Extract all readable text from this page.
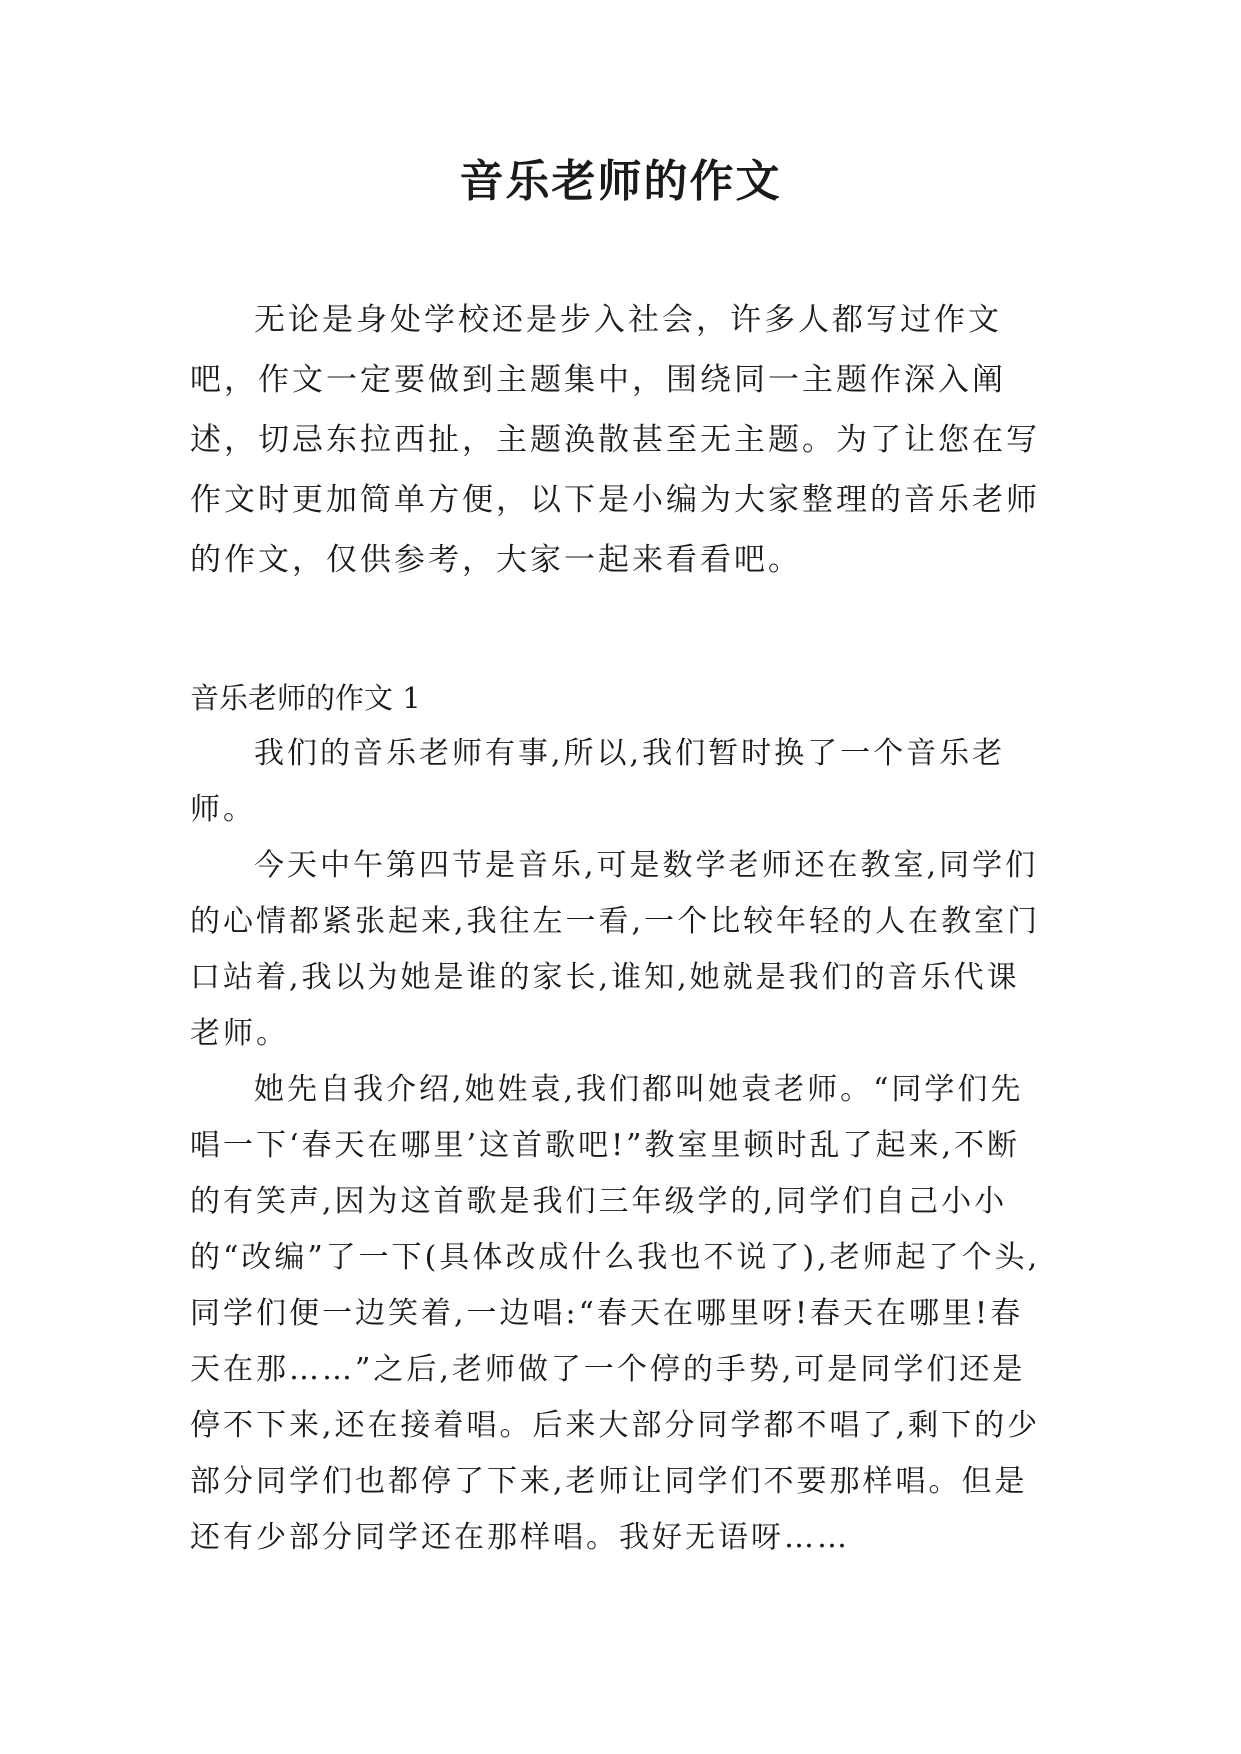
音乐老师的作文

无论是身处学校还是步入社会，许多人都写过作文吧，作文一定要做到主题集中，围绕同一主题作深入阐述，切忌东拉西扯，主题涣散甚至无主题。为了让您在写作文时更加简单方便，以下是小编为大家整理的音乐老师的作文，仅供参考，大家一起来看看吧。

音乐老师的作文 1

我们的音乐老师有事,所以,我们暂时换了一个音乐老师。

今天中午第四节是音乐,可是数学老师还在教室,同学们的心情都紧张起来,我往左一看,一个比较年轻的人在教室门口站着,我以为她是谁的家长,谁知,她就是我们的音乐代课老师。

她先自我介绍,她姓袁,我们都叫她袁老师。“同学们先唱一下‘春天在哪里’这首歌吧!”教室里顿时乱了起来,不断的有笑声,因为这首歌是我们三年级学的,同学们自己小小的“改编”了一下(具体改成什么我也不说了),老师起了个头,同学们便一边笑着,一边唱:“春天在哪里呀!春天在哪里!春天在那……”之后,老师做了一个停的手势,可是同学们还是停不下来,还在接着唱。后来大部分同学都不唱了,剩下的少部分同学们也都停了下来,老师让同学们不要那样唱。但是还有少部分同学还在那样唱。我好无语呀……
